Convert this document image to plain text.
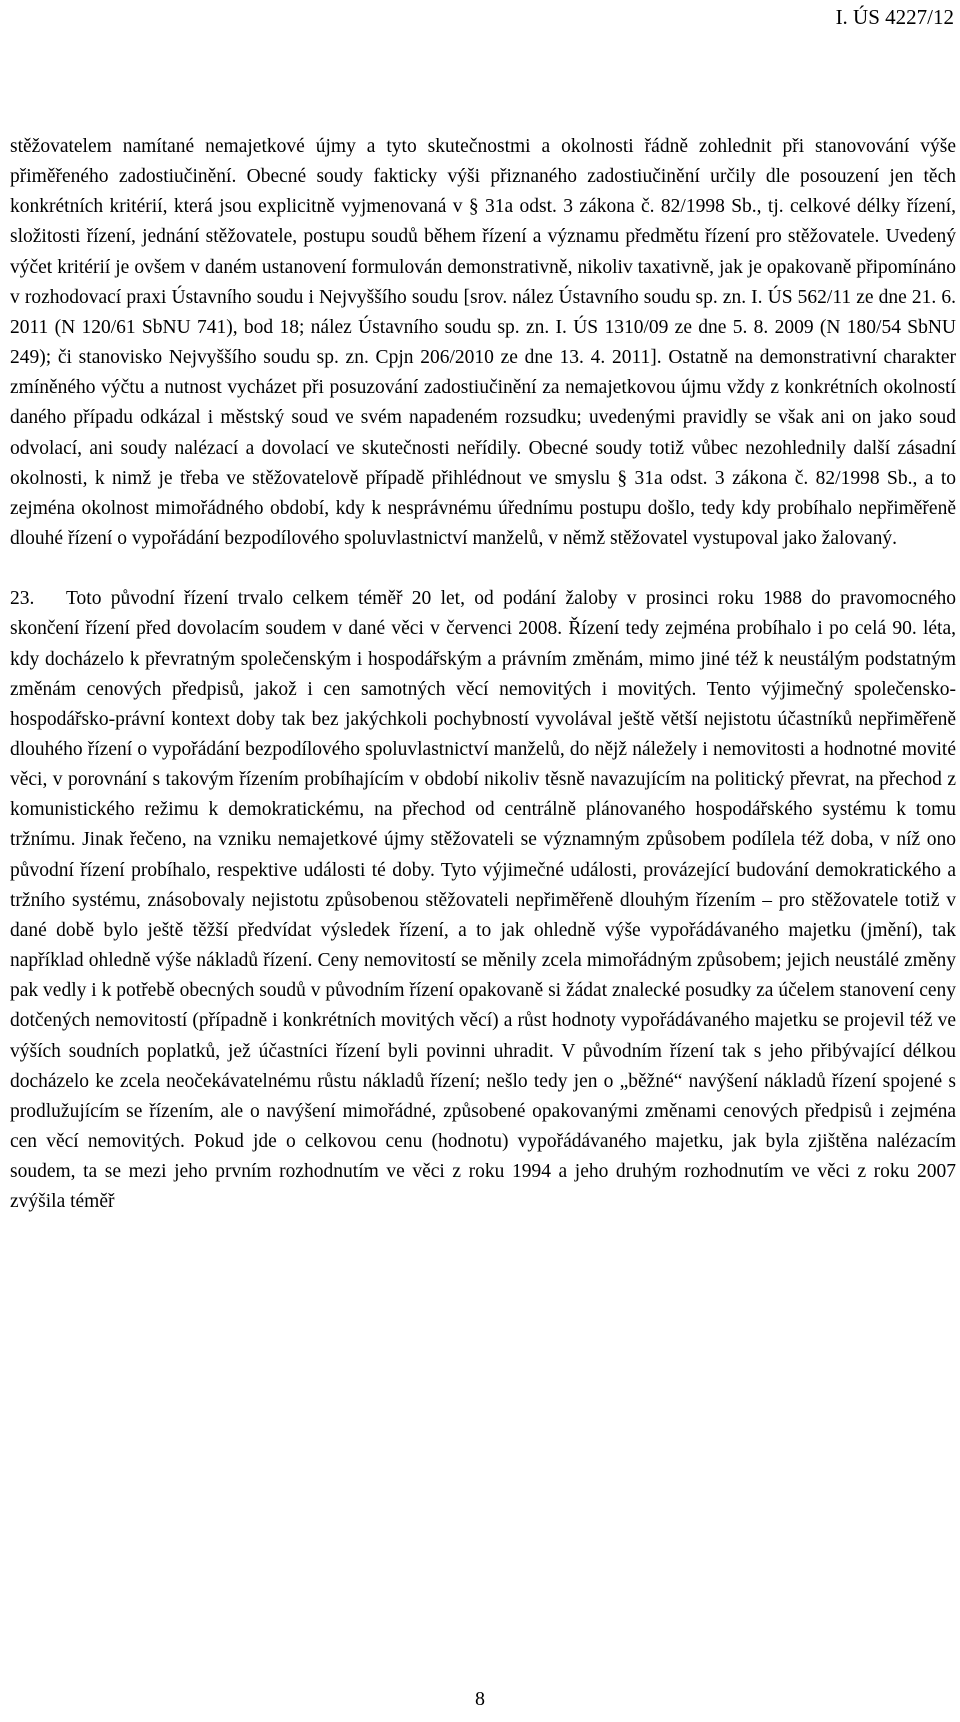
I. ÚS 4227/12

stěžovatelem namítané nemajetkové újmy a tyto skutečnostmi a okolnosti řádně zohlednit při stanovování výše přiměřeného zadostiučinění. Obecné soudy fakticky výši přiznaného zadostiučinění určily dle posouzení jen těch konkrétních kritérií, která jsou explicitně vyjmenovaná v § 31a odst. 3 zákona č. 82/1998 Sb., tj. celkové délky řízení, složitosti řízení, jednání stěžovatele, postupu soudů během řízení a významu předmětu řízení pro stěžovatele. Uvedený výčet kritérií je ovšem v daném ustanovení formulován demonstrativně, nikoliv taxativně, jak je opakovaně připomínáno v rozhodovací praxi Ústavního soudu i Nejvyššího soudu [srov. nález Ústavního soudu sp. zn. I. ÚS 562/11 ze dne 21. 6. 2011 (N 120/61 SbNU 741), bod 18; nález Ústavního soudu sp. zn. I. ÚS 1310/09 ze dne 5. 8. 2009 (N 180/54 SbNU 249); či stanovisko Nejvyššího soudu sp. zn. Cpjn 206/2010 ze dne 13. 4. 2011]. Ostatně na demonstrativní charakter zmíněného výčtu a nutnost vycházet při posuzování zadostiučinění za nemajetkovou újmu vždy z konkrétních okolností daného případu odkázal i městský soud ve svém napadeném rozsudku; uvedenými pravidly se však ani on jako soud odvolací, ani soudy nalézací a dovolací ve skutečnosti neřídily. Obecné soudy totiž vůbec nezohlednily další zásadní okolnosti, k nimž je třeba ve stěžovatelově případě přihlédnout ve smyslu § 31a odst. 3 zákona č. 82/1998 Sb., a to zejména okolnost mimořádného období, kdy k nesprávnému úřednímu postupu došlo, tedy kdy probíhalo nepřiměřeně dlouhé řízení o vypořádání bezpodílového spoluvlastnictví manželů, v němž stěžovatel vystupoval jako žalovaný.

23. Toto původní řízení trvalo celkem téměř 20 let, od podání žaloby v prosinci roku 1988 do pravomocného skončení řízení před dovolacím soudem v dané věci v červenci 2008. Řízení tedy zejména probíhalo i po celá 90. léta, kdy docházelo k převratným společenským i hospodářským a právním změnám, mimo jiné též k neustálým podstatným změnám cenových předpisů, jakož i cen samotných věcí nemovitých i movitých. Tento výjimečný společensko-hospodářsko-právní kontext doby tak bez jakýchkoli pochybností vyvolával ještě větší nejistotu účastníků nepřiměřeně dlouhého řízení o vypořádání bezpodílového spoluvlastnictví manželů, do nějž náležely i nemovitosti a hodnotné movité věci, v porovnání s takovým řízením probíhajícím v období nikoliv těsně navazujícím na politický převrat, na přechod z komunistického režimu k demokratickému, na přechod od centrálně plánovaného hospodářského systému k tomu tržnímu. Jinak řečeno, na vzniku nemajetkové újmy stěžovateli se významným způsobem podílela též doba, v níž ono původní řízení probíhalo, respektive události té doby. Tyto výjimečné události, provázející budování demokratického a tržního systému, znásobovaly nejistotu způsobenou stěžovateli nepřiměřeně dlouhým řízením – pro stěžovatele totiž v dané době bylo ještě těžší předvídat výsledek řízení, a to jak ohledně výše vypořádávaného majetku (jmění), tak například ohledně výše nákladů řízení. Ceny nemovitostí se měnily zcela mimořádným způsobem; jejich neustálé změny pak vedly i k potřebě obecných soudů v původním řízení opakovaně si žádat znalecké posudky za účelem stanovení ceny dotčených nemovitostí (případně i konkrétních movitých věcí) a růst hodnoty vypořádávaného majetku se projevil též ve výších soudních poplatků, jež účastníci řízení byli povinni uhradit. V původním řízení tak s jeho přibývající délkou docházelo ke zcela neočekávatelnému růstu nákladů řízení; nešlo tedy jen o „běžné“ navýšení nákladů řízení spojené s prodlužujícím se řízením, ale o navýšení mimořádné, způsobené opakovanými změnami cenových předpisů i zejména cen věcí nemovitých. Pokud jde o celkovou cenu (hodnotu) vypořádávaného majetku, jak byla zjištěna nalézacím soudem, ta se mezi jeho prvním rozhodnutím ve věci z roku 1994 a jeho druhým rozhodnutím ve věci z roku 2007 zvýšila téměř

8
